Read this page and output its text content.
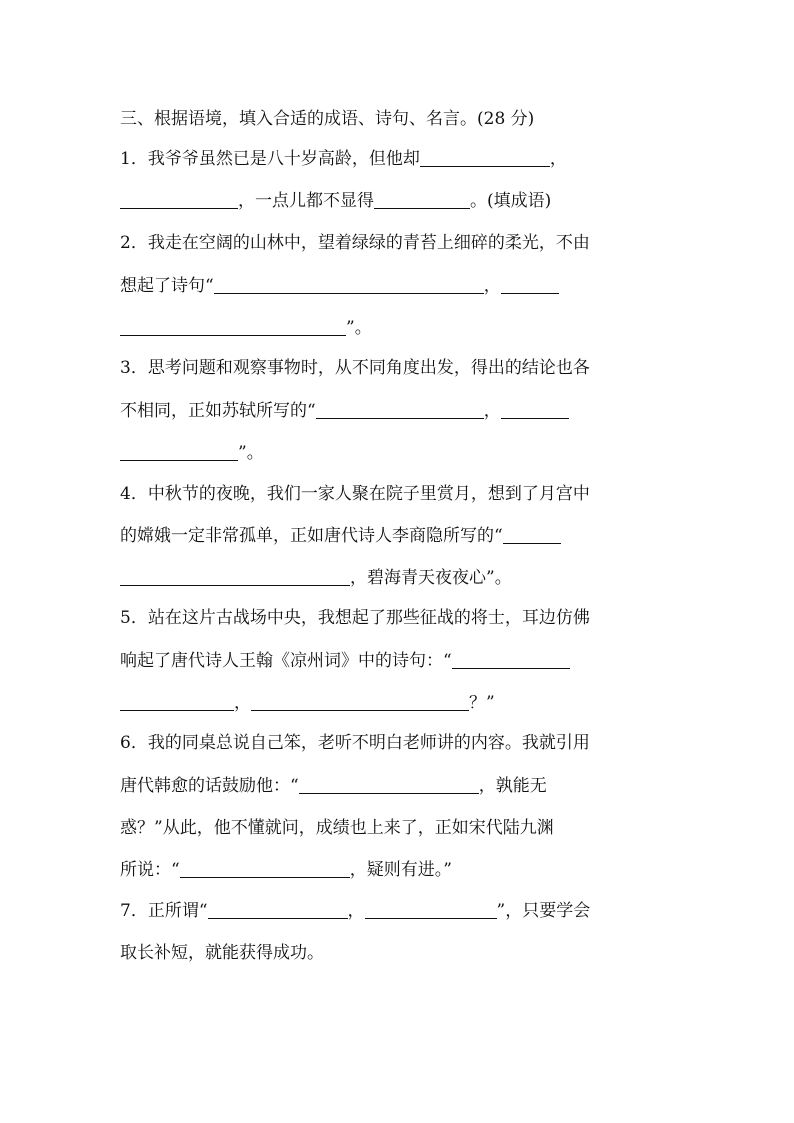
三、根据语境，填入合适的成语、诗句、名言。(28 分)
1．我爷爷虽然已是八十岁高龄，但他却	，
，一点儿都不显得	。(填成语)
2．我走在空阔的山林中，望着绿绿的青苔上细碎的柔光，不由
想起了诗句“	，
”。
3．思考问题和观察事物时，从不同角度出发，得出的结论也各
不相同，正如苏轼所写的“	，
”。
4．中秋节的夜晚，我们一家人聚在院子里赏月，想到了月宫中
的嫦娥一定非常孤单，正如唐代诗人李商隐所写的“
，碧海青天夜夜心”。
5．站在这片古战场中央，我想起了那些征战的将士，耳边仿佛
响起了唐代诗人王翰《凉州词》中的诗句：“
，	？”
6．我的同桌总说自己笨，老听不明白老师讲的内容。我就引用
唐代韩愈的话鼓励他：“	，孰能无
惑？”从此，他不懂就问，成绩也上来了，正如宋代陆九渊
所说：“	，疑则有进。”
7．正所谓“	，	”，只要学会
取长补短，就能获得成功。
